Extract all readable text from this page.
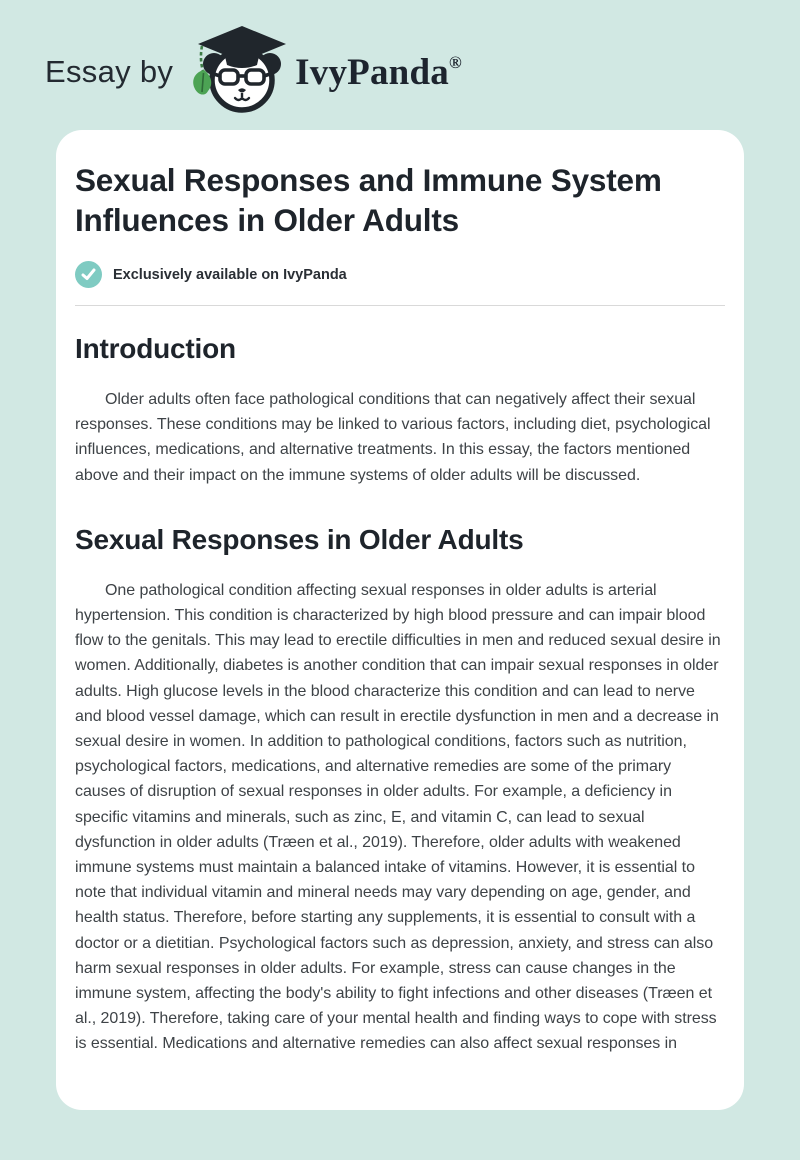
Essay by	IvyPanda®
Sexual Responses and Immune System Influences in Older Adults
Exclusively available on IvyPanda
Introduction

Older adults often face pathological conditions that can negatively affect their sexual responses. These conditions may be linked to various factors, including diet, psychological influences, medications, and alternative treatments. In this essay, the factors mentioned above and their impact on the immune systems of older adults will be discussed.

Sexual Responses in Older Adults

One pathological condition affecting sexual responses in older adults is arterial hypertension. This condition is characterized by high blood pressure and can impair blood flow to the genitals. This may lead to erectile difficulties in men and reduced sexual desire in women. Additionally, diabetes is another condition that can impair sexual responses in older adults. High glucose levels in the blood characterize this condition and can lead to nerve and blood vessel damage, which can result in erectile dysfunction in men and a decrease in sexual desire in women. In addition to pathological conditions, factors such as nutrition, psychological factors, medications, and alternative remedies are some of the primary causes of disruption of sexual responses in older adults. For example, a deficiency in specific vitamins and minerals, such as zinc, E, and vitamin C, can lead to sexual dysfunction in older adults (Træen et al., 2019). Therefore, older adults with weakened immune systems must maintain a balanced intake of vitamins. However, it is essential to note that individual vitamin and mineral needs may vary depending on age, gender, and health status. Therefore, before starting any supplements, it is essential to consult with a doctor or a dietitian. Psychological factors such as depression, anxiety, and stress can also harm sexual responses in older adults. For example, stress can cause changes in the immune system, affecting the body's ability to fight infections and other diseases (Træen et al., 2019). Therefore, taking care of your mental health and finding ways to cope with stress is essential. Medications and alternative remedies can also affect sexual responses in
